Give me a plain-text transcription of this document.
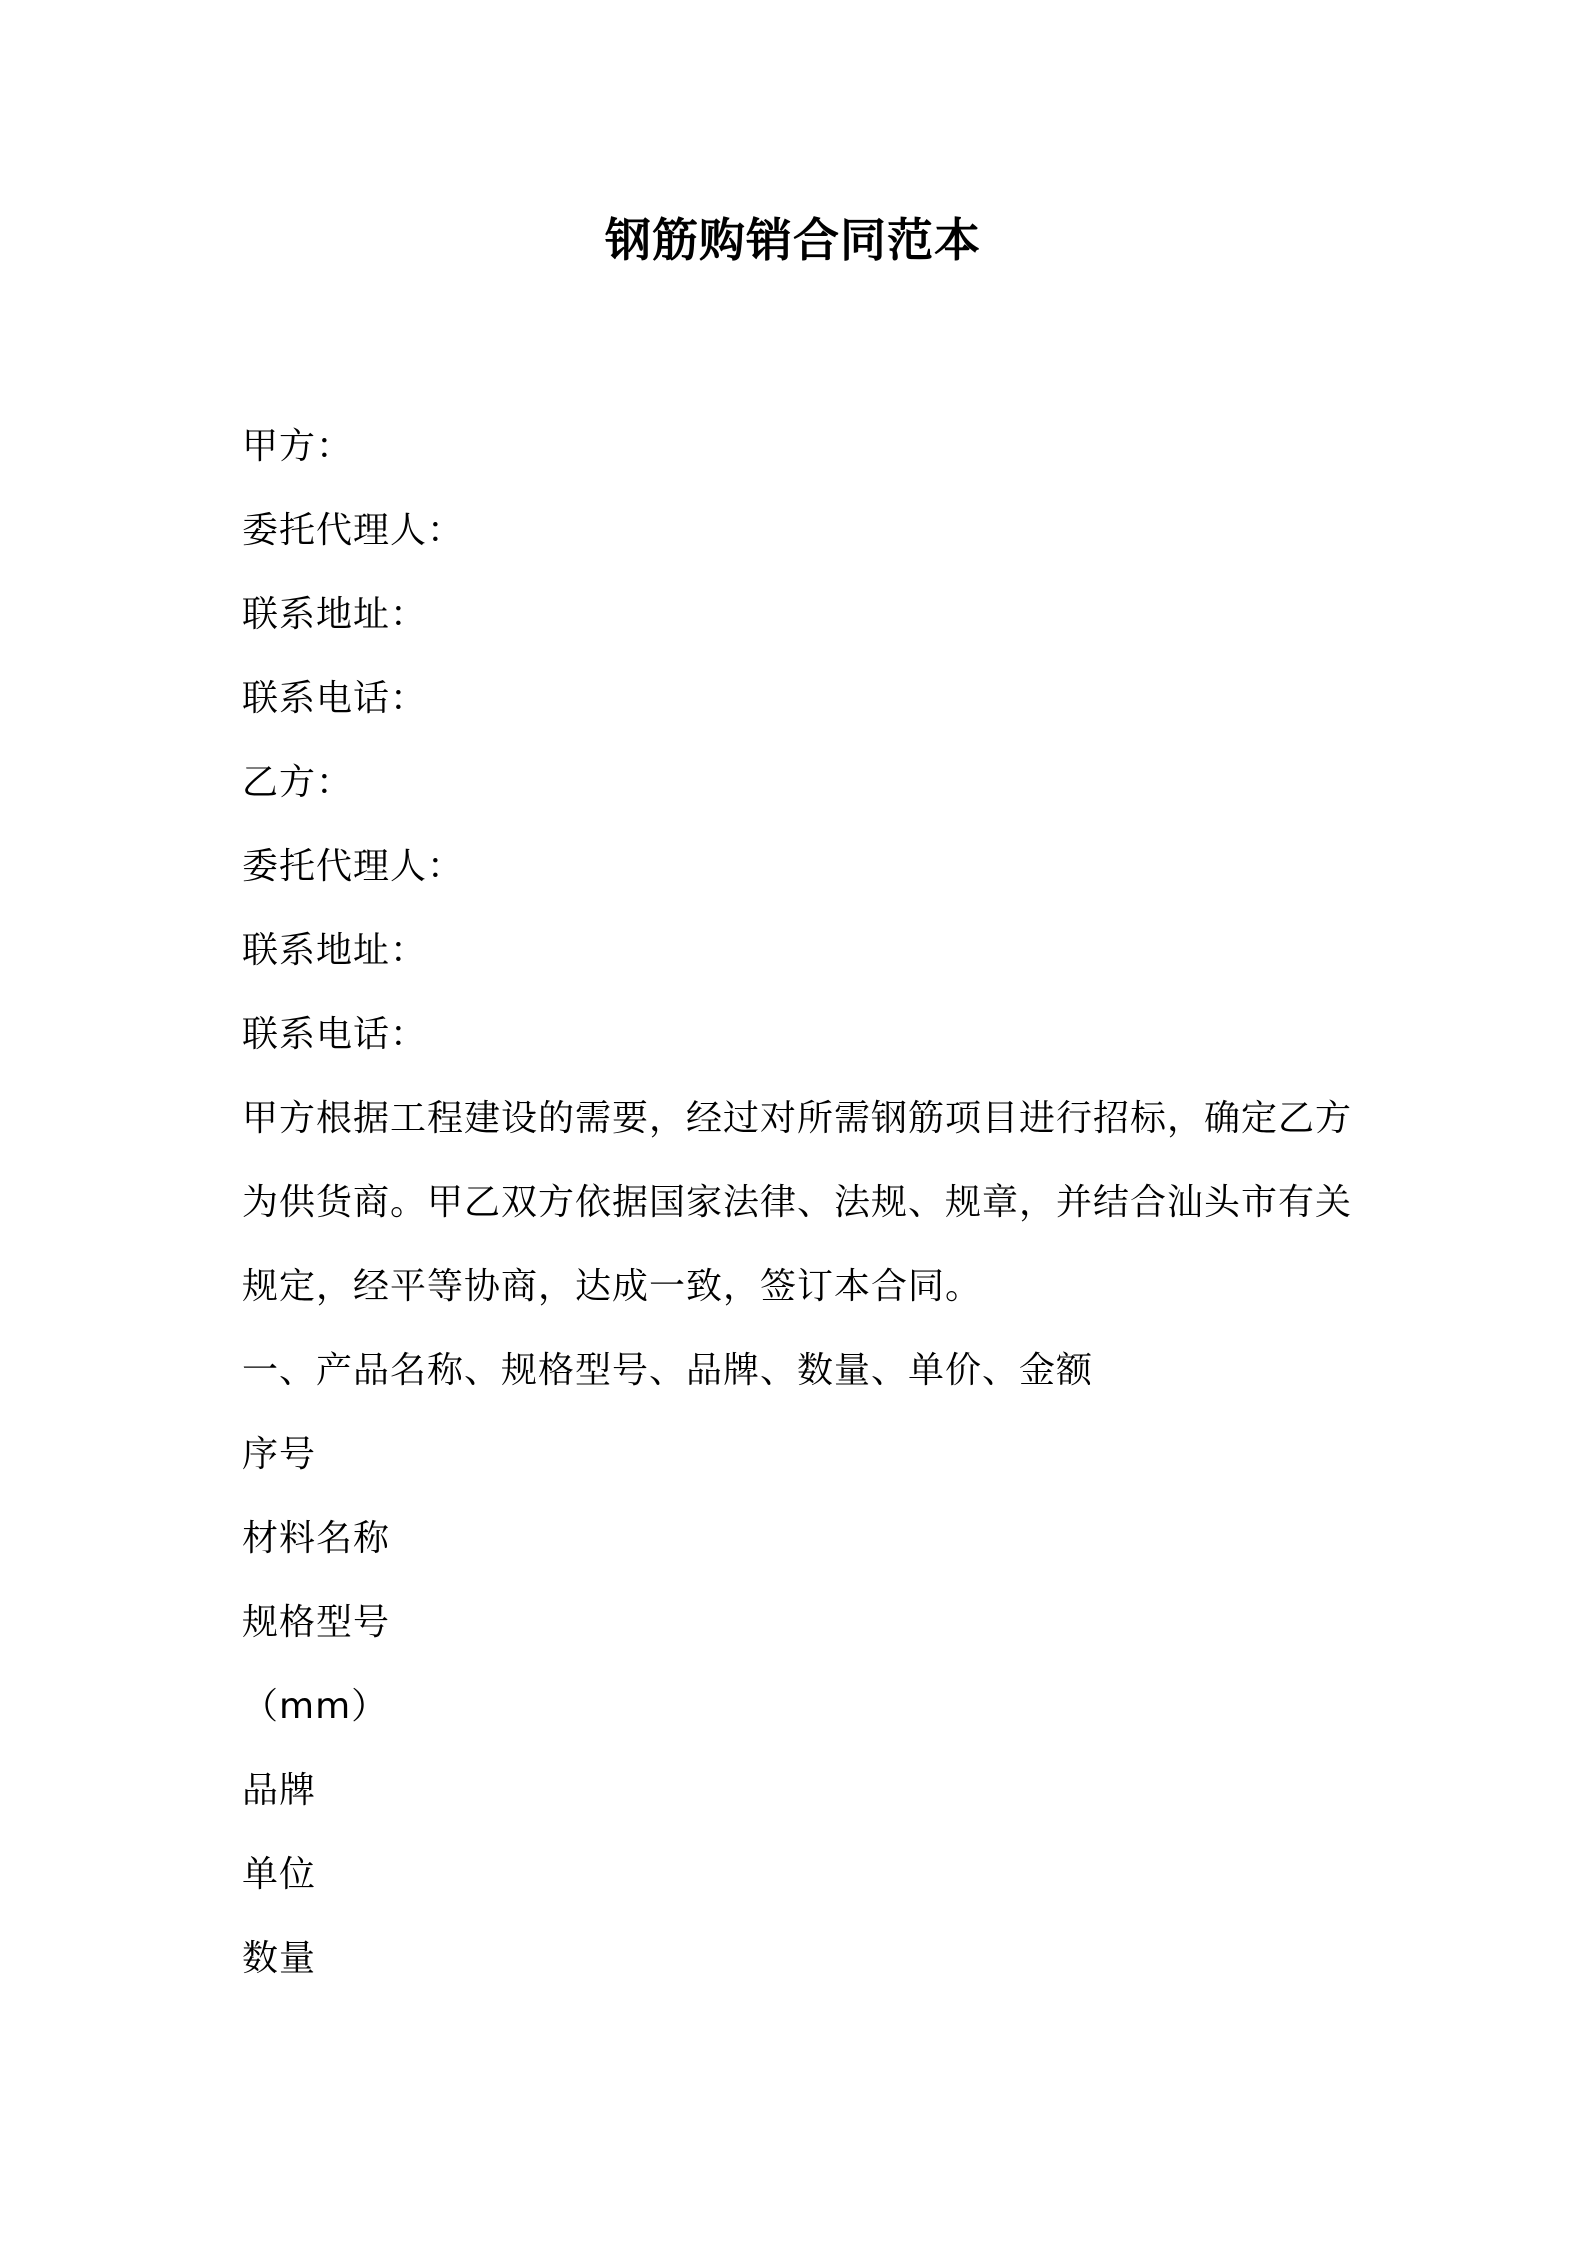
钢筋购销合同范本
甲方：
委托代理人：
联系地址：
联系电话：
乙方：
委托代理人：
联系地址：
联系电话：
甲方根据工程建设的需要，经过对所需钢筋项目进行招标，确定乙方为供货商。甲乙双方依据国家法律、法规、规章，并结合汕头市有关规定，经平等协商，达成一致，签订本合同。
一、产品名称、规格型号、品牌、数量、单价、金额
序号
材料名称
规格型号
（mm）
品牌
单位
数量
